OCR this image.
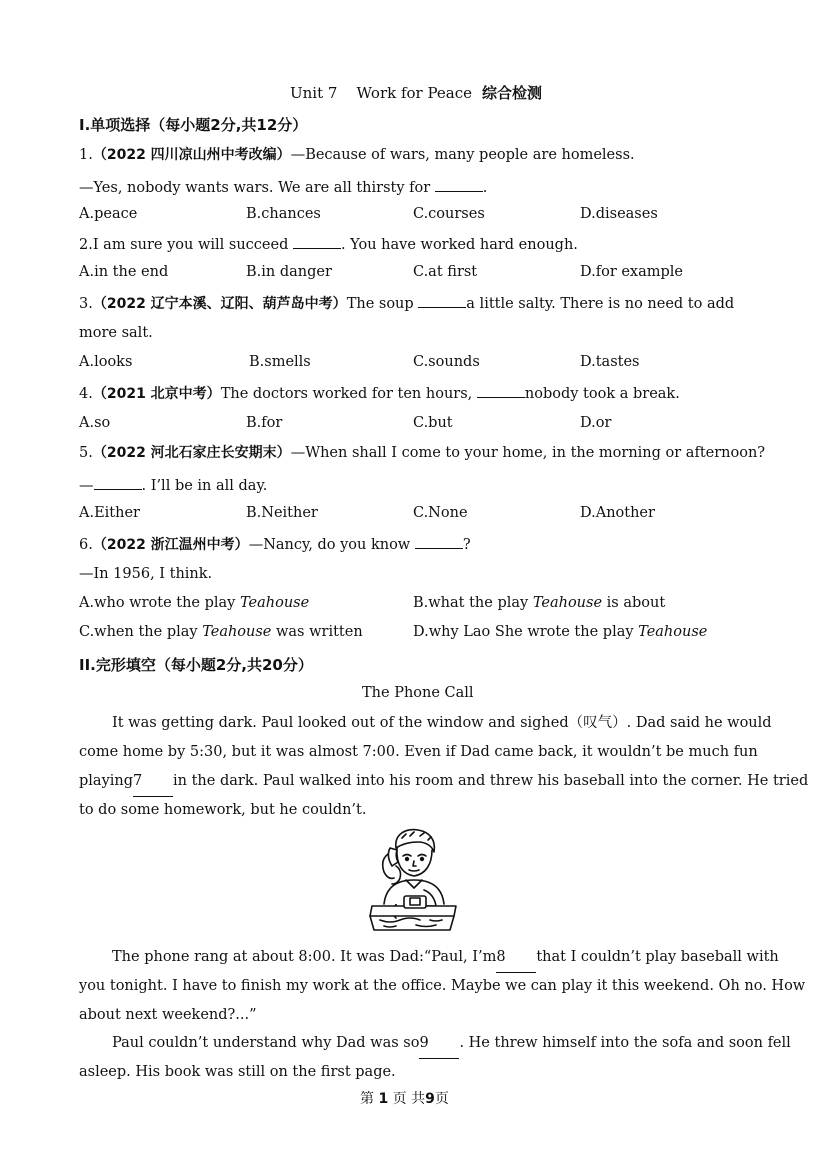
Unit 7    Work for Peace 综合检测
I.单项选择（每小题2分,共12分）
1.（2022 四川凉山州中考改编）—Because of wars, many people are homeless.
—Yes, nobody wants wars. We are all thirsty for	.
A.peace	B.chances	C.courses	D.diseases
2.I am sure you will succeed	. You have worked hard enough.
A.in the end	B.in danger	C.at first	D.for example
3.（2022 辽宁本溪、辽阳、葫芦岛中考）The soup	a little salty. There is no need to add
more salt.
A.looks	B.smells	C.sounds	D.tastes
4.（2021 北京中考）The doctors worked for ten hours,	nobody took a break.
A.so	B.for	C.but	D.or
5.（2022 河北石家庄长安期末）—When shall I come to your home, in the morning or afternoon?
—	. I’ll be in all day.
A.Either	B.Neither	C.None	D.Another
6.（2022 浙江温州中考）—Nancy, do you know	?
—In 1956, I think.
A.who wrote the play Teahouse	B.what the play Teahouse is about
C.when the play Teahouse was written	D.why Lao She wrote the play Teahouse
II.完形填空（每小题2分,共20分）
The Phone Call
It was getting dark. Paul looked out of the window and sighed（叹气）. Dad said he would
come home by 5:30, but it was almost 7:00. Even if Dad came back, it wouldn’t be much fun
playing7 in the dark. Paul walked into his room and threw his baseball into the corner. He tried
to do some homework, but he couldn’t.
The phone rang at about 8:00. It was Dad:“Paul, I’m8 that I couldn’t play baseball with
you tonight. I have to finish my work at the office. Maybe we can play it this weekend. Oh no. How
about next weekend?...”
Paul couldn’t understand why Dad was so9 . He threw himself into the sofa and soon fell
asleep. His book was still on the first page.
第 1 页 共9页
